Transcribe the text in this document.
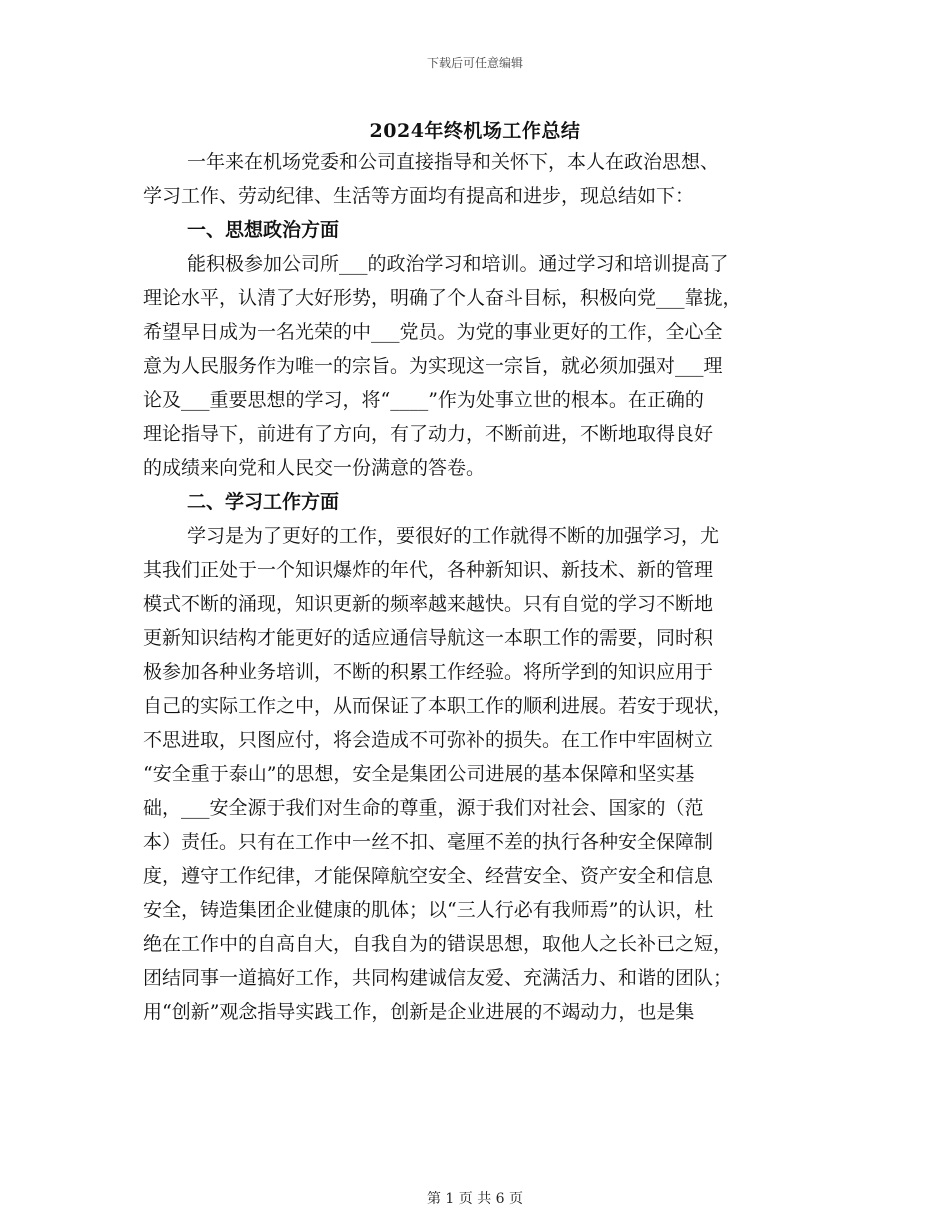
下载后可任意编辑
2024年终机场工作总结
一年来在机场党委和公司直接指导和关怀下，本人在政治思想、
学习工作、劳动纪律、生活等方面均有提高和进步，现总结如下：
一、思想政治方面
能积极参加公司所___的政治学习和培训。通过学习和培训提高了
理论水平，认清了大好形势，明确了个人奋斗目标，积极向党___靠拢，
希望早日成为一名光荣的中___党员。为党的事业更好的工作，全心全
意为人民服务作为唯一的宗旨。为实现这一宗旨，就必须加强对___理
论及___重要思想的学习，将“____”作为处事立世的根本。在正确的
理论指导下，前进有了方向，有了动力，不断前进，不断地取得良好
的成绩来向党和人民交一份满意的答卷。
二、学习工作方面
学习是为了更好的工作，要很好的工作就得不断的加强学习，尤
其我们正处于一个知识爆炸的年代，各种新知识、新技术、新的管理
模式不断的涌现，知识更新的频率越来越快。只有自觉的学习不断地
更新知识结构才能更好的适应通信导航这一本职工作的需要，同时积
极参加各种业务培训，不断的积累工作经验。将所学到的知识应用于
自己的实际工作之中，从而保证了本职工作的顺利进展。若安于现状，
不思进取，只图应付，将会造成不可弥补的损失。在工作中牢固树立
“安全重于泰山”的思想，安全是集团公司进展的基本保障和坚实基
础，___安全源于我们对生命的尊重，源于我们对社会、国家的（范
本）责任。只有在工作中一丝不扣、毫厘不差的执行各种安全保障制
度，遵守工作纪律，才能保障航空安全、经营安全、资产安全和信息
安全，铸造集团企业健康的肌体；以“三人行必有我师焉”的认识，杜
绝在工作中的自高自大，自我自为的错误思想，取他人之长补已之短，
团结同事一道搞好工作，共同构建诚信友爱、充满活力、和谐的团队；
用“创新”观念指导实践工作，创新是企业进展的不竭动力，也是集
第 1 页 共 6 页
